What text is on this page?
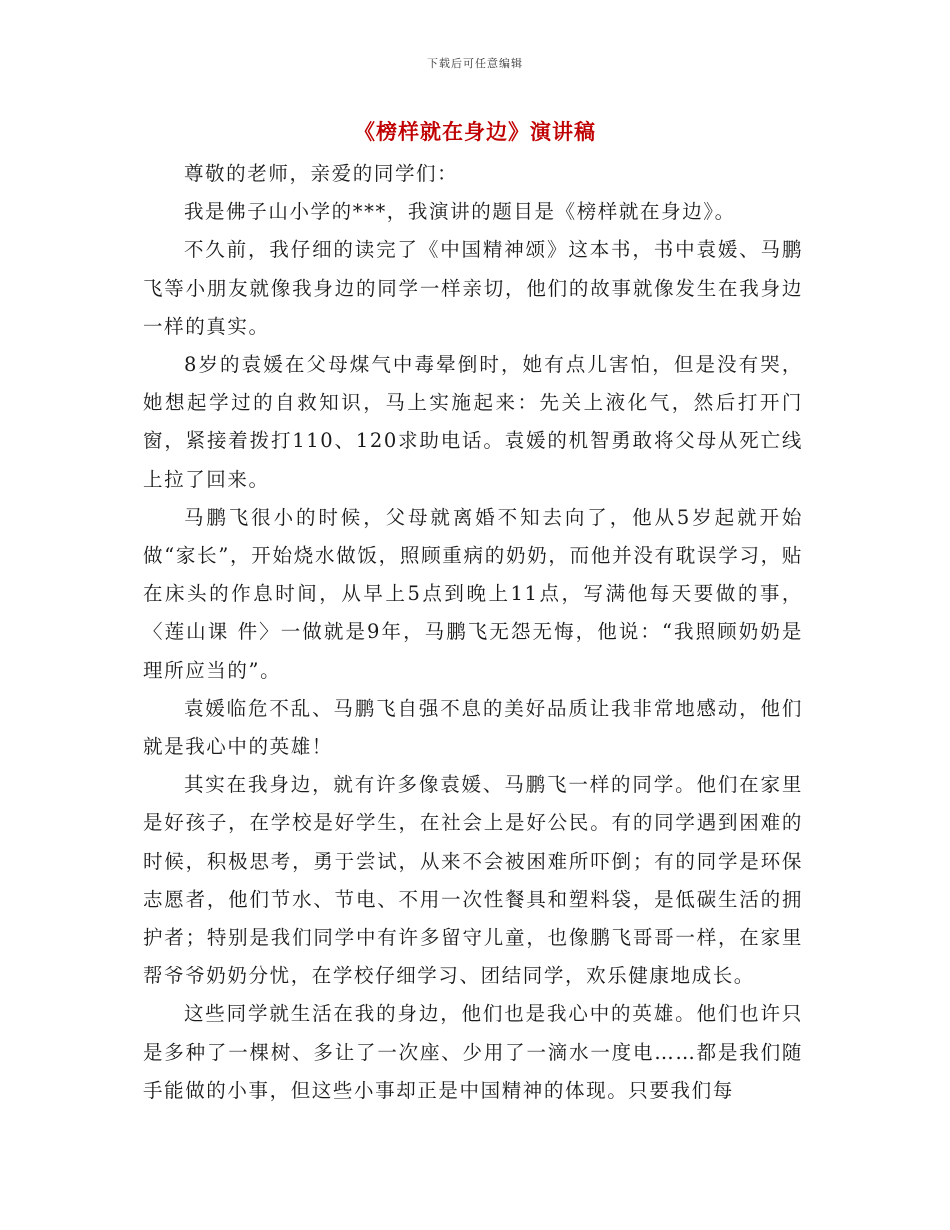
下载后可任意编辑
《榜样就在身边》演讲稿

尊敬的老师，亲爱的同学们：

我是佛子山小学的***，我演讲的题目是《榜样就在身边》。

不久前，我仔细的读完了《中国精神颂》这本书，书中袁媛、马鹏飞等小朋友就像我身边的同学一样亲切，他们的故事就像发生在我身边一样的真实。

8岁的袁媛在父母煤气中毒晕倒时，她有点儿害怕，但是没有哭，她想起学过的自救知识，马上实施起来：先关上液化气，然后打开门窗，紧接着拨打110、120求助电话。袁媛的机智勇敢将父母从死亡线上拉了回来。

马鹏飞很小的时候，父母就离婚不知去向了，他从5岁起就开始做“家长”，开始烧水做饭，照顾重病的奶奶，而他并没有耽误学习，贴在床头的作息时间，从早上5点到晚上11点，写满他每天要做的事，〈莲山课 件〉一做就是9年，马鹏飞无怨无悔，他说：“我照顾奶奶是理所应当的”。

袁媛临危不乱、马鹏飞自强不息的美好品质让我非常地感动，他们就是我心中的英雄！

其实在我身边，就有许多像袁媛、马鹏飞一样的同学。他们在家里是好孩子，在学校是好学生，在社会上是好公民。有的同学遇到困难的时候，积极思考，勇于尝试，从来不会被困难所吓倒；有的同学是环保志愿者，他们节水、节电、不用一次性餐具和塑料袋，是低碳生活的拥护者；特别是我们同学中有许多留守儿童，也像鹏飞哥哥一样，在家里帮爷爷奶奶分忧，在学校仔细学习、团结同学，欢乐健康地成长。

这些同学就生活在我的身边，他们也是我心中的英雄。他们也许只是多种了一棵树、多让了一次座、少用了一滴水一度电……都是我们随手能做的小事，但这些小事却正是中国精神的体现。只要我们每
